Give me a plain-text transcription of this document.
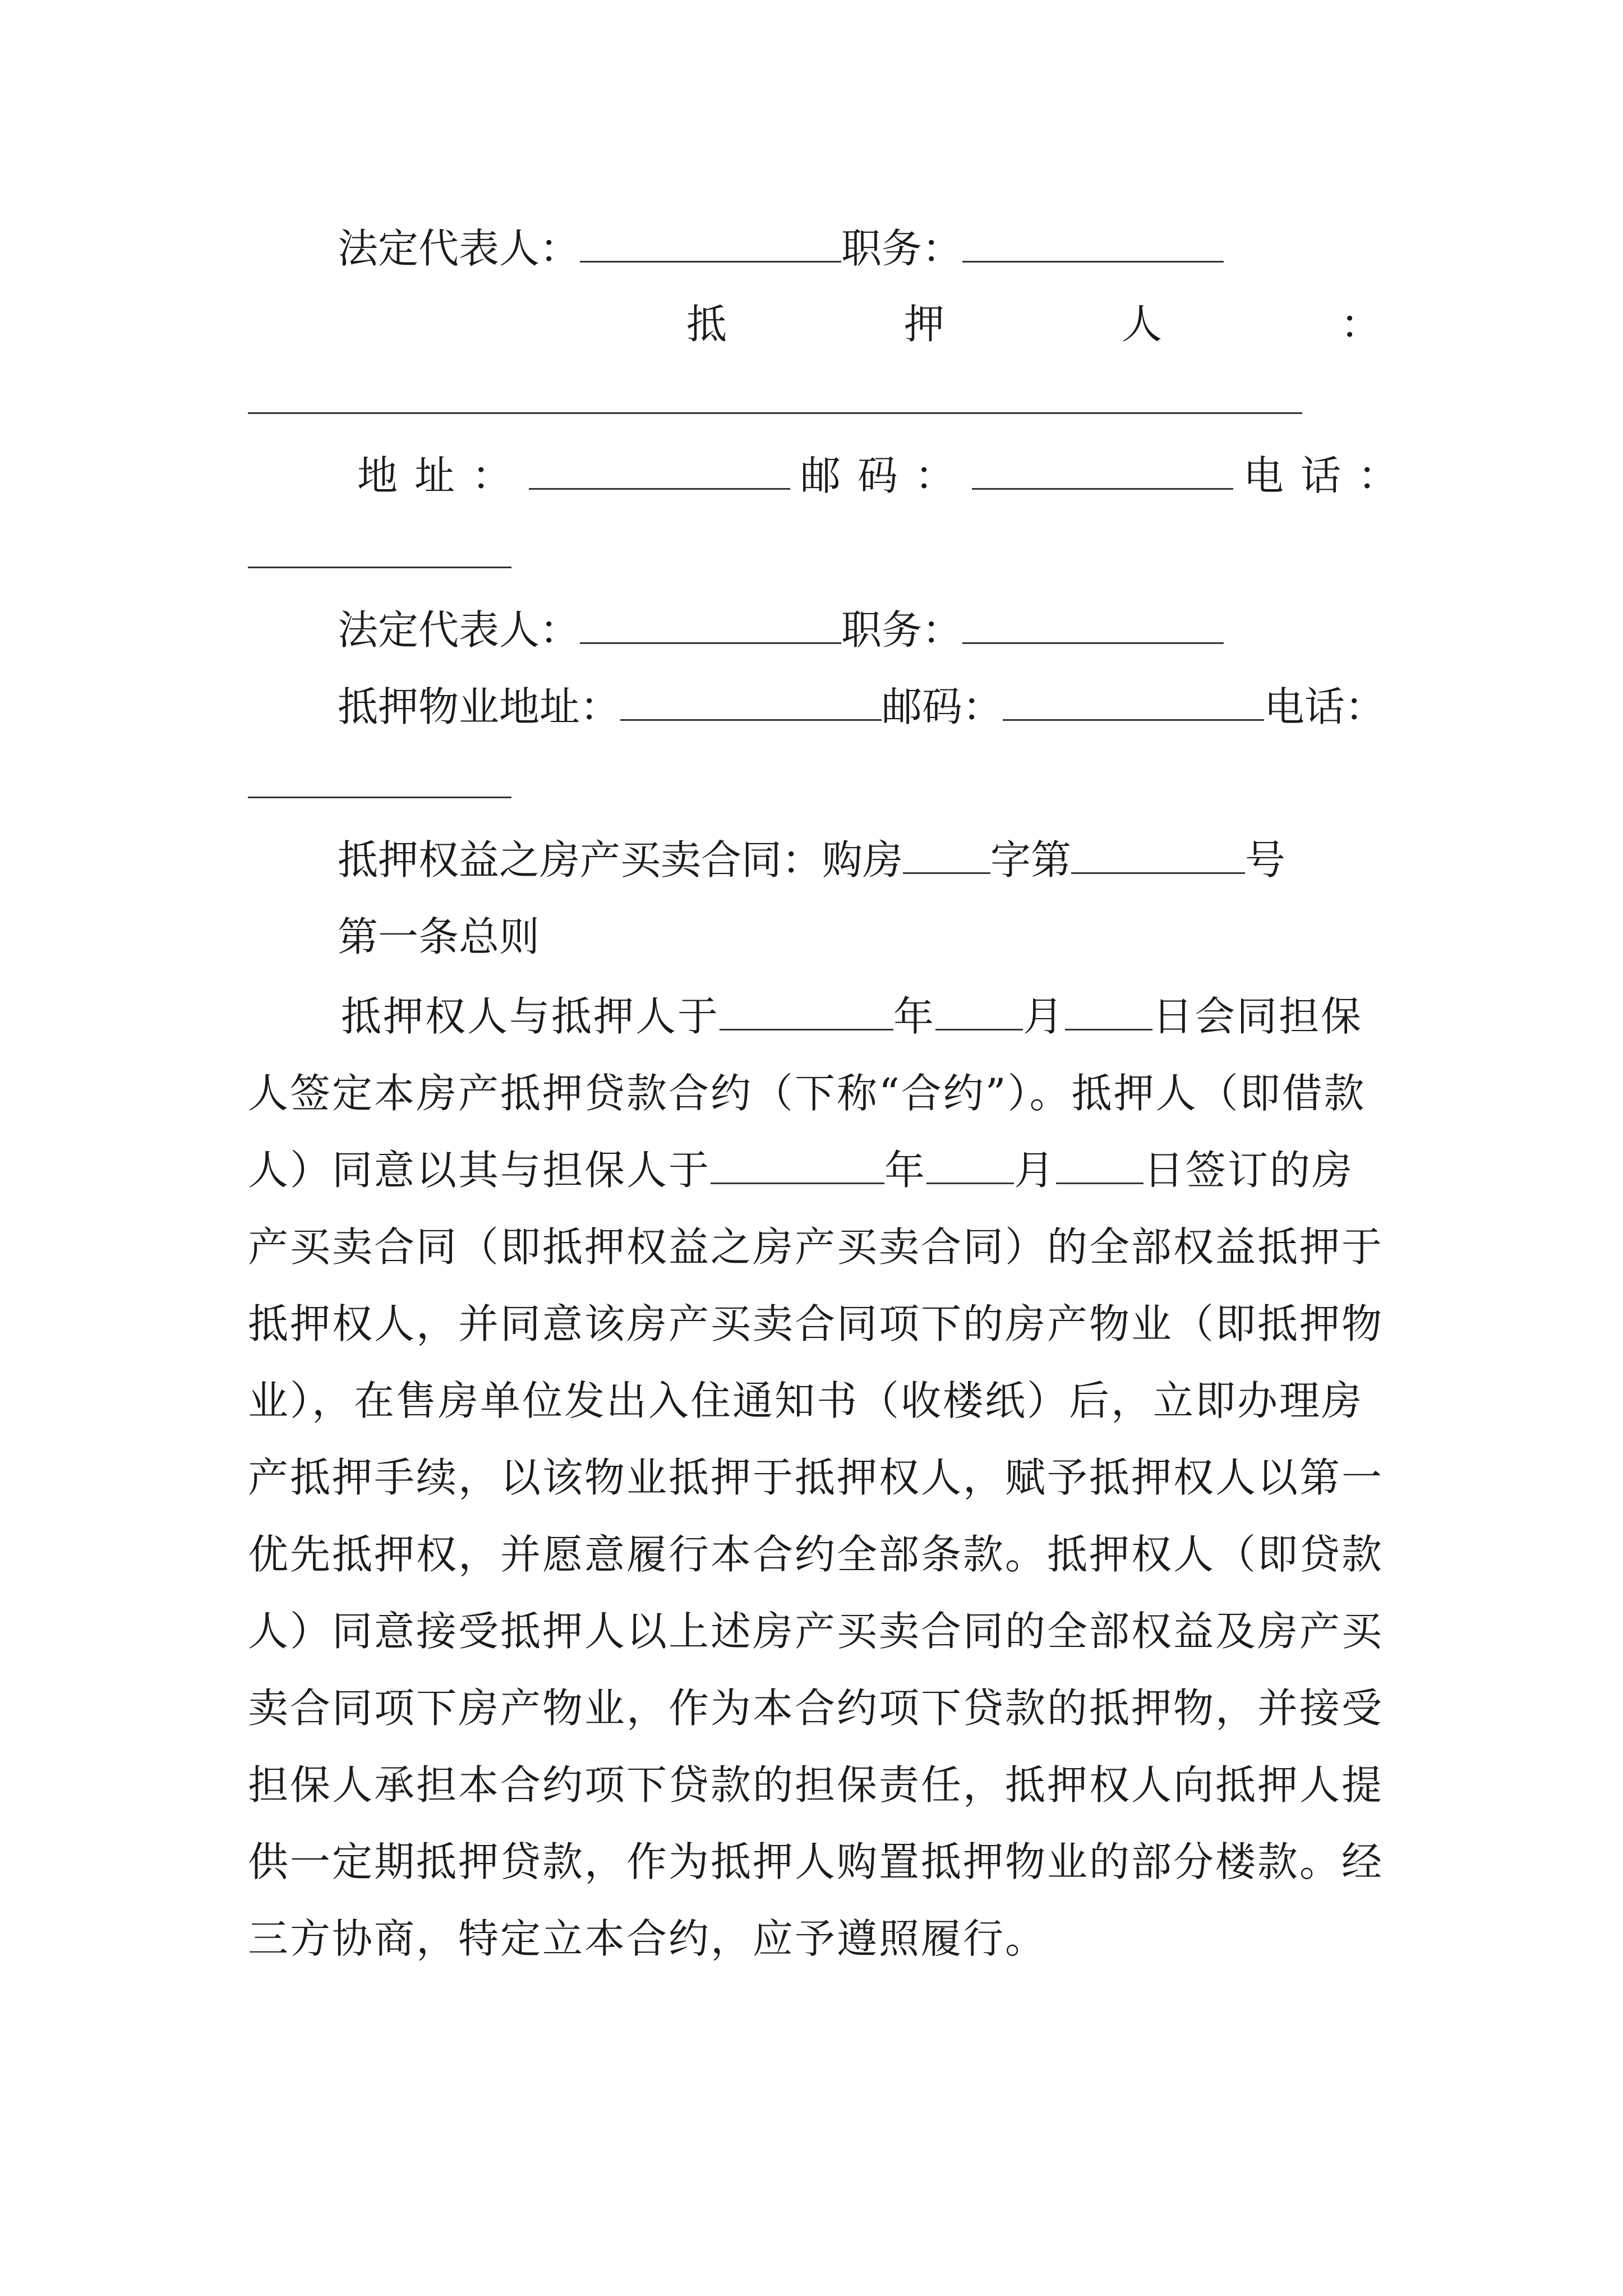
法定代表人：	职务：
抵	押	人	：
地址：	邮码：	电话：
法定代表人：	职务：
抵押物业地址：	邮码：	电话：
抵押权益之房产买卖合同：购房 字第	号
第一条总则
抵押权人与抵押人于	年 月 日会同担保人签定本房产抵押贷款合约（下称“合约”）。抵押人（即借款人）同意以其与担保人于	年 月 日签订的房产买卖合同（即抵押权益之房产买卖合同）的全部权益抵押于抵押权人，并同意该房产买卖合同项下的房产物业（即抵押物业），在售房单位发出入住通知书（收楼纸）后，立即办理房产抵押手续，以该物业抵押于抵押权人，赋予抵押权人以第一优先抵押权，并愿意履行本合约全部条款。抵押权人（即贷款人）同意接受抵押人以上述房产买卖合同的全部权益及房产买卖合同项下房产物业，作为本合约项下贷款的抵押物，并接受担保人承担本合约项下贷款的担保责任，抵押权人向抵押人提供一定期抵押贷款，作为抵押人购置抵押物业的部分楼款。经三方协商，特定立本合约，应予遵照履行。
